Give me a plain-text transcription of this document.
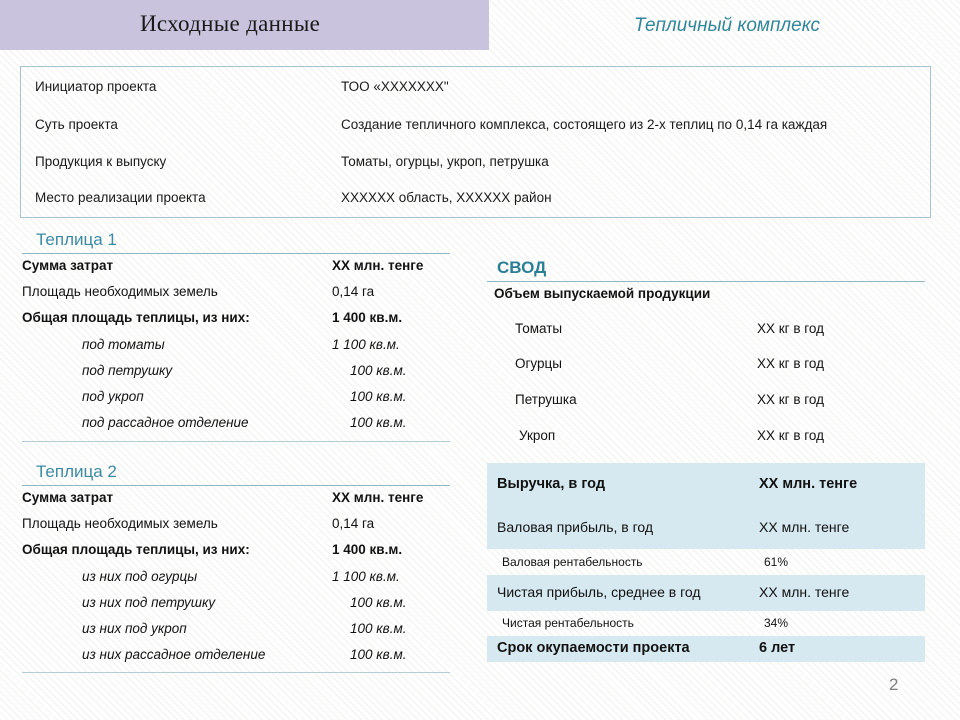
Исходные данные	Тепличный комплекс
Инициатор проекта	ТОО «XXXXXXX"
Суть проекта	Создание тепличного комплекса, состоящего из 2-х теплиц по 0,14 га каждая
Продукция к выпуску	Томаты, огурцы, укроп, петрушка
Место реализации проекта	XXXXXX область, XXXXXX район
Теплица 1
Сумма затрат	XX млн. тенге
Площадь необходимых земель	0,14 га
Общая площадь теплицы, из них:	1 400 кв.м.
под томаты	1 100 кв.м.
под петрушку	100 кв.м.
под укроп	100 кв.м.
под рассадное отделение	100 кв.м.
Теплица 2
Сумма затрат	XX млн. тенге
Площадь необходимых земель	0,14 га
Общая площадь теплицы, из них:	1 400 кв.м.
из них под огурцы	1 100 кв.м.
из них под петрушку	100 кв.м.
из них под укроп	100 кв.м.
из них рассадное отделение	100 кв.м.
СВОД
Объем выпускаемой продукции
Томаты	XX кг в год
Огурцы	XX кг в год
Петрушка	XX кг в год
Укроп	XX кг в год
Выручка, в год	XX млн. тенге
Валовая прибыль, в год	XX млн. тенге
Валовая рентабельность	61%
Чистая прибыль, среднее в год	XX млн. тенге
Чистая рентабельность	34%
Срок окупаемости проекта	6 лет
2
